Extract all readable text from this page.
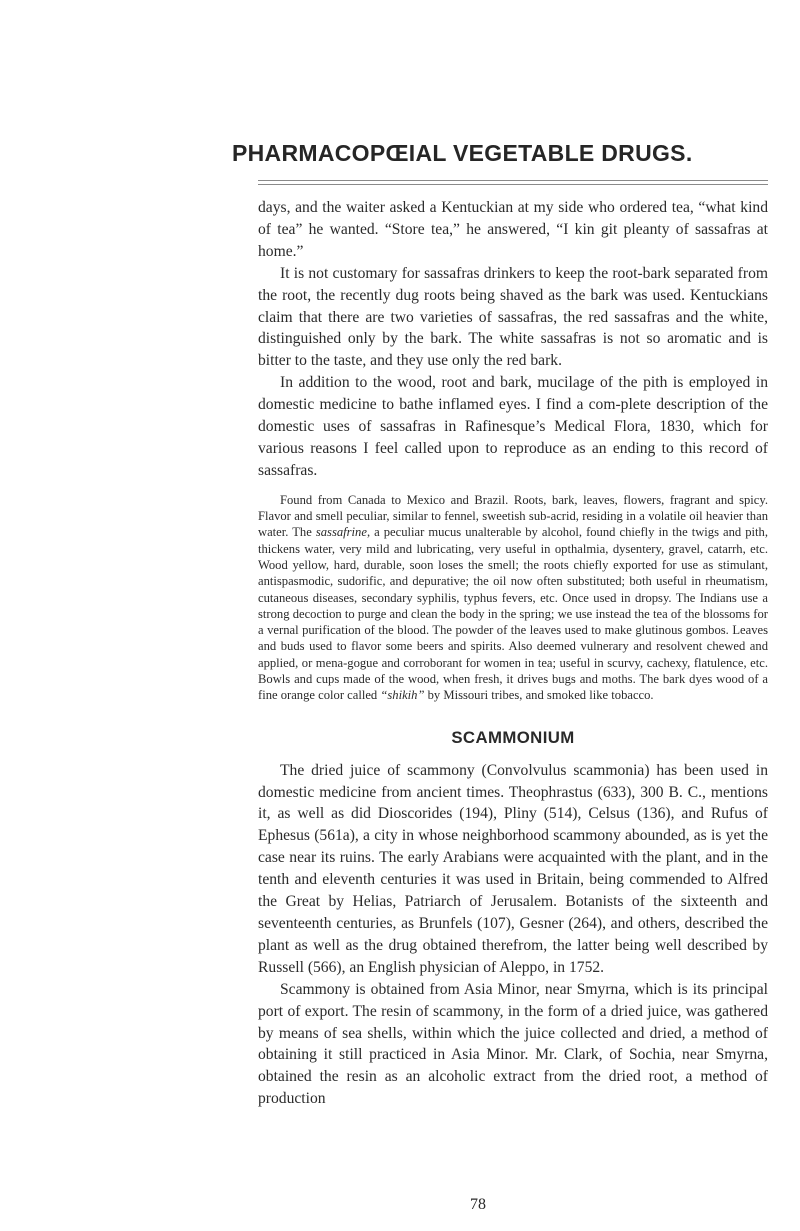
PHARMACOPŒIAL VEGETABLE DRUGS.

days, and the waiter asked a Kentuckian at my side who ordered tea, “what kind of tea” he wanted. “Store tea,” he answered, “I kin git pleanty of sassafras at home.”

It is not customary for sassafras drinkers to keep the root-bark separated from the root, the recently dug roots being shaved as the bark was used. Kentuckians claim that there are two varieties of sassafras, the red sassafras and the white, distinguished only by the bark. The white sassafras is not so aromatic and is bitter to the taste, and they use only the red bark.

In addition to the wood, root and bark, mucilage of the pith is employed in domestic medicine to bathe inflamed eyes. I find a com-plete description of the domestic uses of sassafras in Rafinesque’s Medical Flora, 1830, which for various reasons I feel called upon to reproduce as an ending to this record of sassafras.

Found from Canada to Mexico and Brazil. Roots, bark, leaves, flowers, fragrant and spicy. Flavor and smell peculiar, similar to fennel, sweetish sub-acrid, residing in a volatile oil heavier than water. The sassafrine, a peculiar mucus unalterable by alcohol, found chiefly in the twigs and pith, thickens water, very mild and lubricating, very useful in opthalmia, dysentery, gravel, catarrh, etc. Wood yellow, hard, durable, soon loses the smell; the roots chiefly exported for use as stimulant, antispasmodic, sudorific, and depurative; the oil now often substituted; both useful in rheumatism, cutaneous diseases, secondary syphilis, typhus fevers, etc. Once used in dropsy. The Indians use a strong decoction to purge and clean the body in the spring; we use instead the tea of the blossoms for a vernal purification of the blood. The powder of the leaves used to make glutinous gombos. Leaves and buds used to flavor some beers and spirits. Also deemed vulnerary and resolvent chewed and applied, or mena-gogue and corroborant for women in tea; useful in scurvy, cachexy, flatulence, etc. Bowls and cups made of the wood, when fresh, it drives bugs and moths. The bark dyes wood of a fine orange color called “shikih” by Missouri tribes, and smoked like tobacco.

SCAMMONIUM

The dried juice of scammony (Convolvulus scammonia) has been used in domestic medicine from ancient times. Theophrastus (633), 300 B. C., mentions it, as well as did Dioscorides (194), Pliny (514), Celsus (136), and Rufus of Ephesus (561a), a city in whose neighborhood scammony abounded, as is yet the case near its ruins. The early Arabians were acquainted with the plant, and in the tenth and eleventh centuries it was used in Britain, being commended to Alfred the Great by Helias, Patriarch of Jerusalem. Botanists of the sixteenth and seventeenth centuries, as Brunfels (107), Gesner (264), and others, described the plant as well as the drug obtained therefrom, the latter being well described by Russell (566), an English physician of Aleppo, in 1752.

Scammony is obtained from Asia Minor, near Smyrna, which is its principal port of export. The resin of scammony, in the form of a dried juice, was gathered by means of sea shells, within which the juice collected and dried, a method of obtaining it still practiced in Asia Minor. Mr. Clark, of Sochia, near Smyrna, obtained the resin as an alcoholic extract from the dried root, a method of production

78
